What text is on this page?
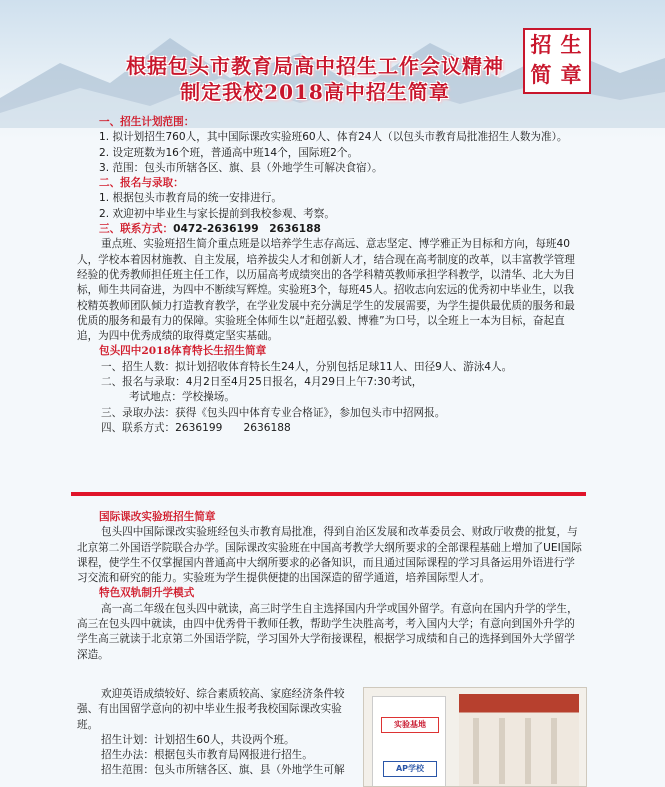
根据包头市教育局高中招生工作会议精神
制定我校2018高中招生简章
招 生
简 章

一、招生计划范围：

1. 拟计划招生760人，其中国际课改实验班60人、体育24人（以包头市教育局批准招生人数为准）。

2. 设定班数为16个班，普通高中班14个，国际班2个。

3. 范围：包头市所辖各区、旗、县（外地学生可解决食宿）。

二、报名与录取：

1. 根据包头市教育局的统一安排进行。

2. 欢迎初中毕业生与家长提前到我校参观、考察。

三、联系方式：0472-2636199　2636188

重点班、实验班招生简介重点班是以培养学生志存高远、意志坚定、博学雅正为目标和方向，每班40人，学校本着因材施教、自主发展，培养拔尖人才和创新人才，结合现在高考制度的改革，以丰富教学管理经验的优秀教师担任班主任工作，以历届高考成绩突出的各学科精英教师承担学科教学，以清华、北大为目标，师生共同奋进，为四中不断续写辉煌。实验班3个，每班45人。招收志向宏远的优秀初中毕业生，以我校精英教师团队倾力打造教育教学，在学业发展中充分满足学生的发展需要，为学生提供最优质的服务和最优质的服务和最有力的保障。实验班全体师生以“赶超弘毅、博雅”为口号，以全班上一本为目标，奋起直追，为四中优秀成绩的取得奠定坚实基础。

包头四中2018体育特长生招生简章

一、招生人数：拟计划招收体育特长生24人，分别包括足球11人、田径9人、游泳4人。

二、报名与录取：4月2日至4月25日报名，4月29日上午7:30考试，

考试地点：学校操场。

三、录取办法：获得《包头四中体育专业合格证》，参加包头市中招网报。

四、联系方式：2636199　　2636188

国际课改实验班招生简章

包头四中国际课改实验班经包头市教育局批准，得到自治区发展和改革委员会、财政厅收费的批复，与北京第二外国语学院联合办学。国际课改实验班在中国高考教学大纲所要求的全部课程基础上增加了UEI国际课程，使学生不仅掌握国内普通高中大纲所要求的必备知识，而且通过国际课程的学习具备运用外语进行学习交流和研究的能力。实验班为学生提供便捷的出国深造的留学通道，培养国际型人才。

特色双轨制升学模式

高一高二年级在包头四中就读，高三时学生自主选择国内升学或国外留学。有意向在国内升学的学生，高三在包头四中就读，由四中优秀骨干教师任教，帮助学生决胜高考，考入国内大学；有意向到国外升学的学生高三就读于北京第二外国语学院，学习国外大学衔接课程，根据学习成绩和自己的选择到国外大学留学深造。

欢迎英语成绩较好、综合素质较高、家庭经济条件较强、有出国留学意向的初中毕业生报考我校国际课改实验班。

招生计划：计划招生60人，共设两个班。

招生办法：根据包头市教育局网报进行招生。

招生范围：包头市所辖各区、旗、县（外地学生可解

实验基地
AP学校
